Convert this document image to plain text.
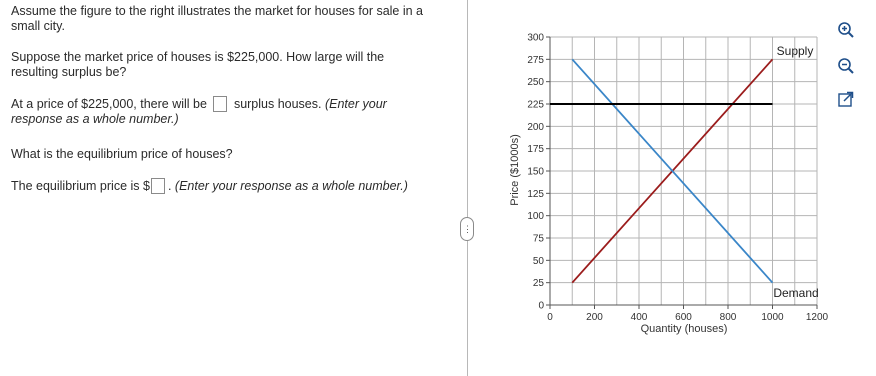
Assume the figure to the right illustrates the market for houses for sale in a
small city.
Suppose the market price of houses is $225,000. How large will the
resulting surplus be?
At a price of $225,000, there will be surplus houses. (Enter your
response as a whole number.)
What is the equilibrium price of houses?
The equilibrium price is $ . (Enter your response as a whole number.)
⋮
0	200	400	600	800	1000 1200
0
25
50
75
100
125
150
175
200
225
250
275
300
Quantity (houses)
Price ($1000s)
Supply
Demand
